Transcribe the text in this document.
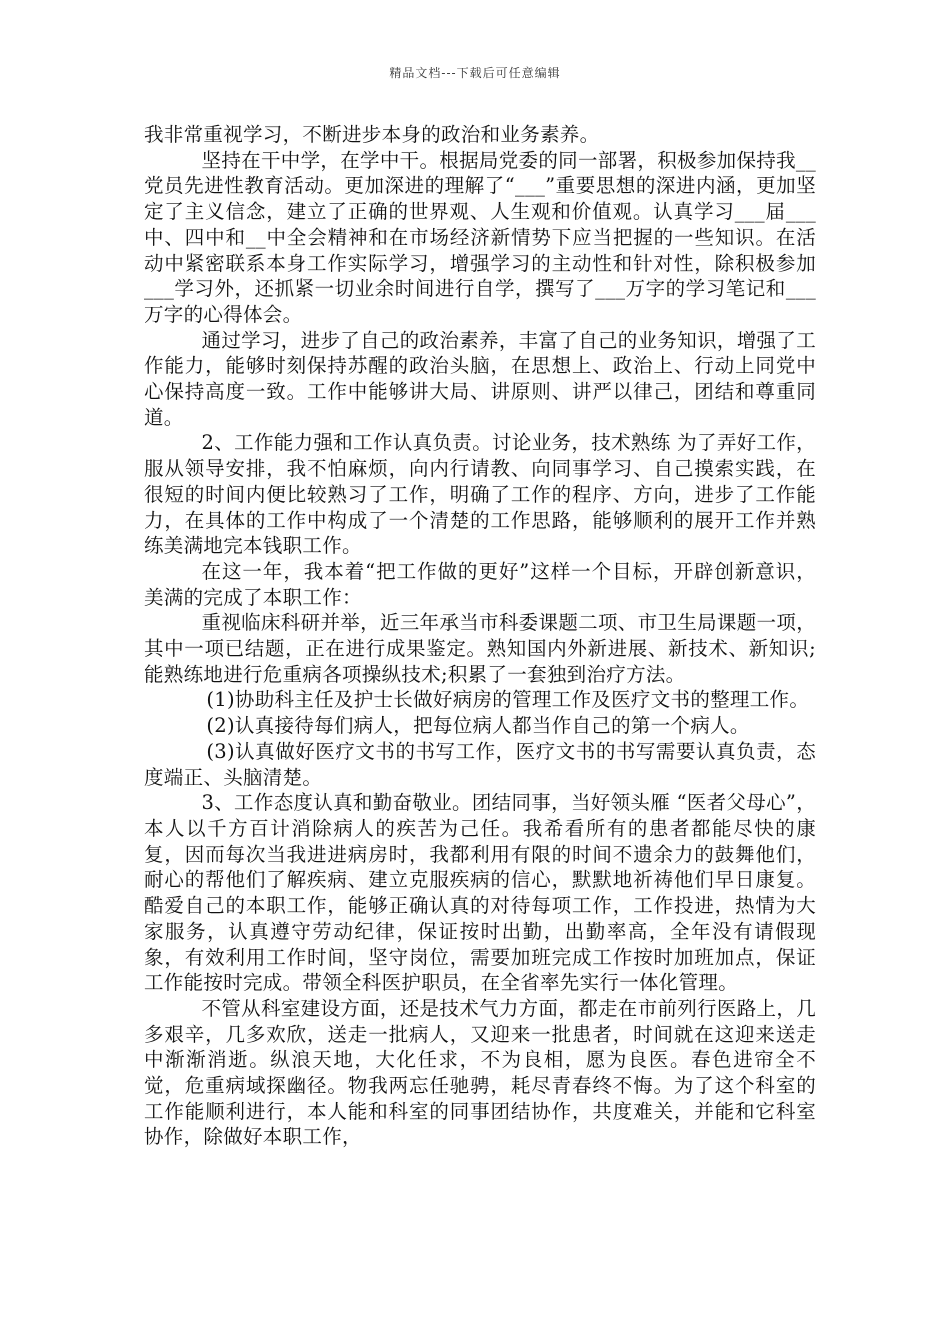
精品文档---下载后可任意编辑

我非常重视学习，不断进步本身的政治和业务素养。

坚持在干中学，在学中干。根据局党委的同一部署，积极参加保持我__党员先进性教育活动。更加深进的理解了“___”重要思想的深进内涵，更加坚定了主义信念，建立了正确的世界观、人生观和价值观。认真学习___届___中、四中和__中全会精神和在市场经济新情势下应当把握的一些知识。在活动中紧密联系本身工作实际学习，增强学习的主动性和针对性，除积极参加___学习外，还抓紧一切业余时间进行自学，撰写了___万字的学习笔记和___万字的心得体会。

通过学习，进步了自己的政治素养，丰富了自己的业务知识，增强了工作能力，能够时刻保持苏醒的政治头脑，在思想上、政治上、行动上同党中心保持高度一致。工作中能够讲大局、讲原则、讲严以律己，团结和尊重同道。

2、工作能力强和工作认真负责。讨论业务，技术熟练 为了弄好工作，服从领导安排，我不怕麻烦，向内行请教、向同事学习、自己摸索实践，在很短的时间内便比较熟习了工作，明确了工作的程序、方向，进步了工作能力，在具体的工作中构成了一个清楚的工作思路，能够顺利的展开工作并熟练美满地完本钱职工作。

在这一年，我本着“把工作做的更好”这样一个目标，开辟创新意识，美满的完成了本职工作：

重视临床科研并举，近三年承当市科委课题二项、市卫生局课题一项，其中一项已结题，正在进行成果鉴定。熟知国内外新进展、新技术、新知识;能熟练地进行危重病各项操纵技术;积累了一套独到治疗方法。

(1)协助科主任及护士长做好病房的管理工作及医疗文书的整理工作。

(2)认真接待每们病人，把每位病人都当作自己的第一个病人。

(3)认真做好医疗文书的书写工作，医疗文书的书写需要认真负责，态度端正、头脑清楚。

3、工作态度认真和勤奋敬业。团结同事，当好领头雁 “医者父母心”，本人以千方百计消除病人的疾苦为己任。我希看所有的患者都能尽快的康复，因而每次当我进进病房时，我都利用有限的时间不遗余力的鼓舞他们，耐心的帮他们了解疾病、建立克服疾病的信心，默默地祈祷他们早日康复。酷爱自己的本职工作，能够正确认真的对待每项工作，工作投进，热情为大家服务，认真遵守劳动纪律，保证按时出勤，出勤率高，全年没有请假现象，有效利用工作时间，坚守岗位，需要加班完成工作按时加班加点，保证工作能按时完成。带领全科医护职员，在全省率先实行一体化管理。

不管从科室建设方面，还是技术气力方面，都走在市前列行医路上，几多艰辛，几多欢欣，送走一批病人，又迎来一批患者，时间就在这迎来送走中渐渐消逝。纵浪天地，大化任求，不为良相，愿为良医。春色进帘全不觉，危重病域探幽径。物我两忘任驰骋，耗尽青春终不悔。为了这个科室的工作能顺利进行，本人能和科室的同事团结协作，共度难关，并能和它科室协作，除做好本职工作，
